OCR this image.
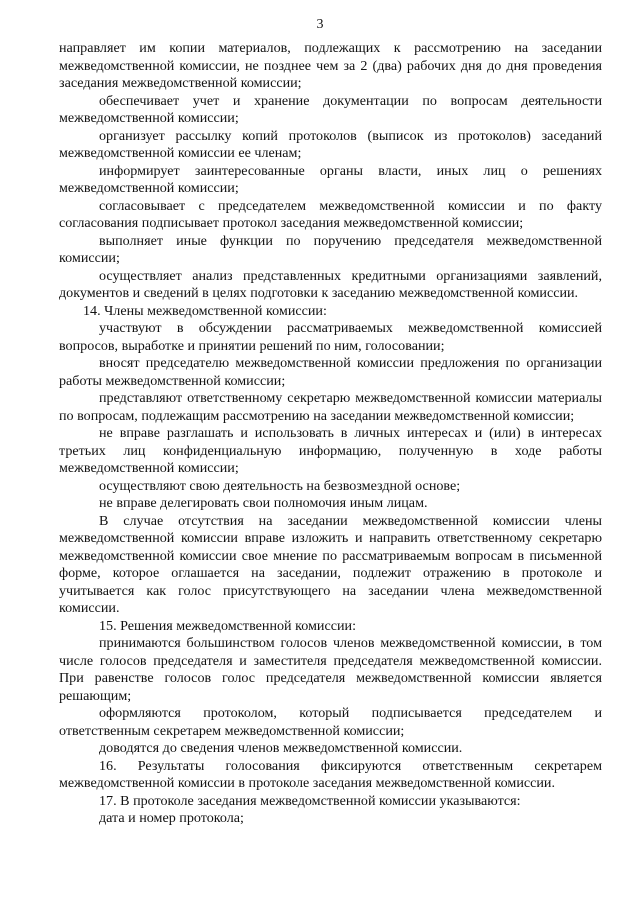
3

направляет им копии материалов, подлежащих к рассмотрению на заседании межведомственной комиссии, не позднее чем за 2 (два) рабочих дня до дня проведения заседания межведомственной комиссии;

обеспечивает учет и хранение документации по вопросам деятельности межведомственной комиссии;

организует рассылку копий протоколов (выписок из протоколов) заседаний межведомственной комиссии ее членам;

информирует заинтересованные органы власти, иных лиц о решениях межведомственной комиссии;

согласовывает с председателем межведомственной комиссии и по факту согласования подписывает протокол заседания межведомственной комиссии;

выполняет иные функции по поручению председателя межведомственной комиссии;

осуществляет анализ представленных кредитными организациями заявлений, документов и сведений в целях подготовки к заседанию межведомственной комиссии.

14. Члены межведомственной комиссии:

участвуют в обсуждении рассматриваемых межведомственной комиссией вопросов, выработке и принятии решений по ним, голосовании;

вносят председателю межведомственной комиссии предложения по организации работы межведомственной комиссии;

представляют ответственному секретарю межведомственной комиссии материалы по вопросам, подлежащим рассмотрению на заседании межведомственной комиссии;

не вправе разглашать и использовать в личных интересах и (или) в интересах третьих лиц конфиденциальную информацию, полученную в ходе работы межведомственной комиссии;

осуществляют свою деятельность на безвозмездной основе;

не вправе делегировать свои полномочия иным лицам.

В случае отсутствия на заседании межведомственной комиссии члены межведомственной комиссии вправе изложить и направить ответственному секретарю межведомственной комиссии свое мнение по рассматриваемым вопросам в письменной форме, которое оглашается на заседании, подлежит отражению в протоколе и учитывается как голос присутствующего на заседании члена межведомственной комиссии.

15. Решения межведомственной комиссии:

принимаются большинством голосов членов межведомственной комиссии, в том числе голосов председателя и заместителя председателя межведомственной комиссии. При равенстве голосов голос председателя межведомственной комиссии является решающим;

оформляются протоколом, который подписывается председателем и ответственным секретарем межведомственной комиссии;

доводятся до сведения членов межведомственной комиссии.

16. Результаты голосования фиксируются ответственным секретарем межведомственной комиссии в протоколе заседания межведомственной комиссии.

17. В протоколе заседания межведомственной комиссии указываются:

дата и номер протокола;
